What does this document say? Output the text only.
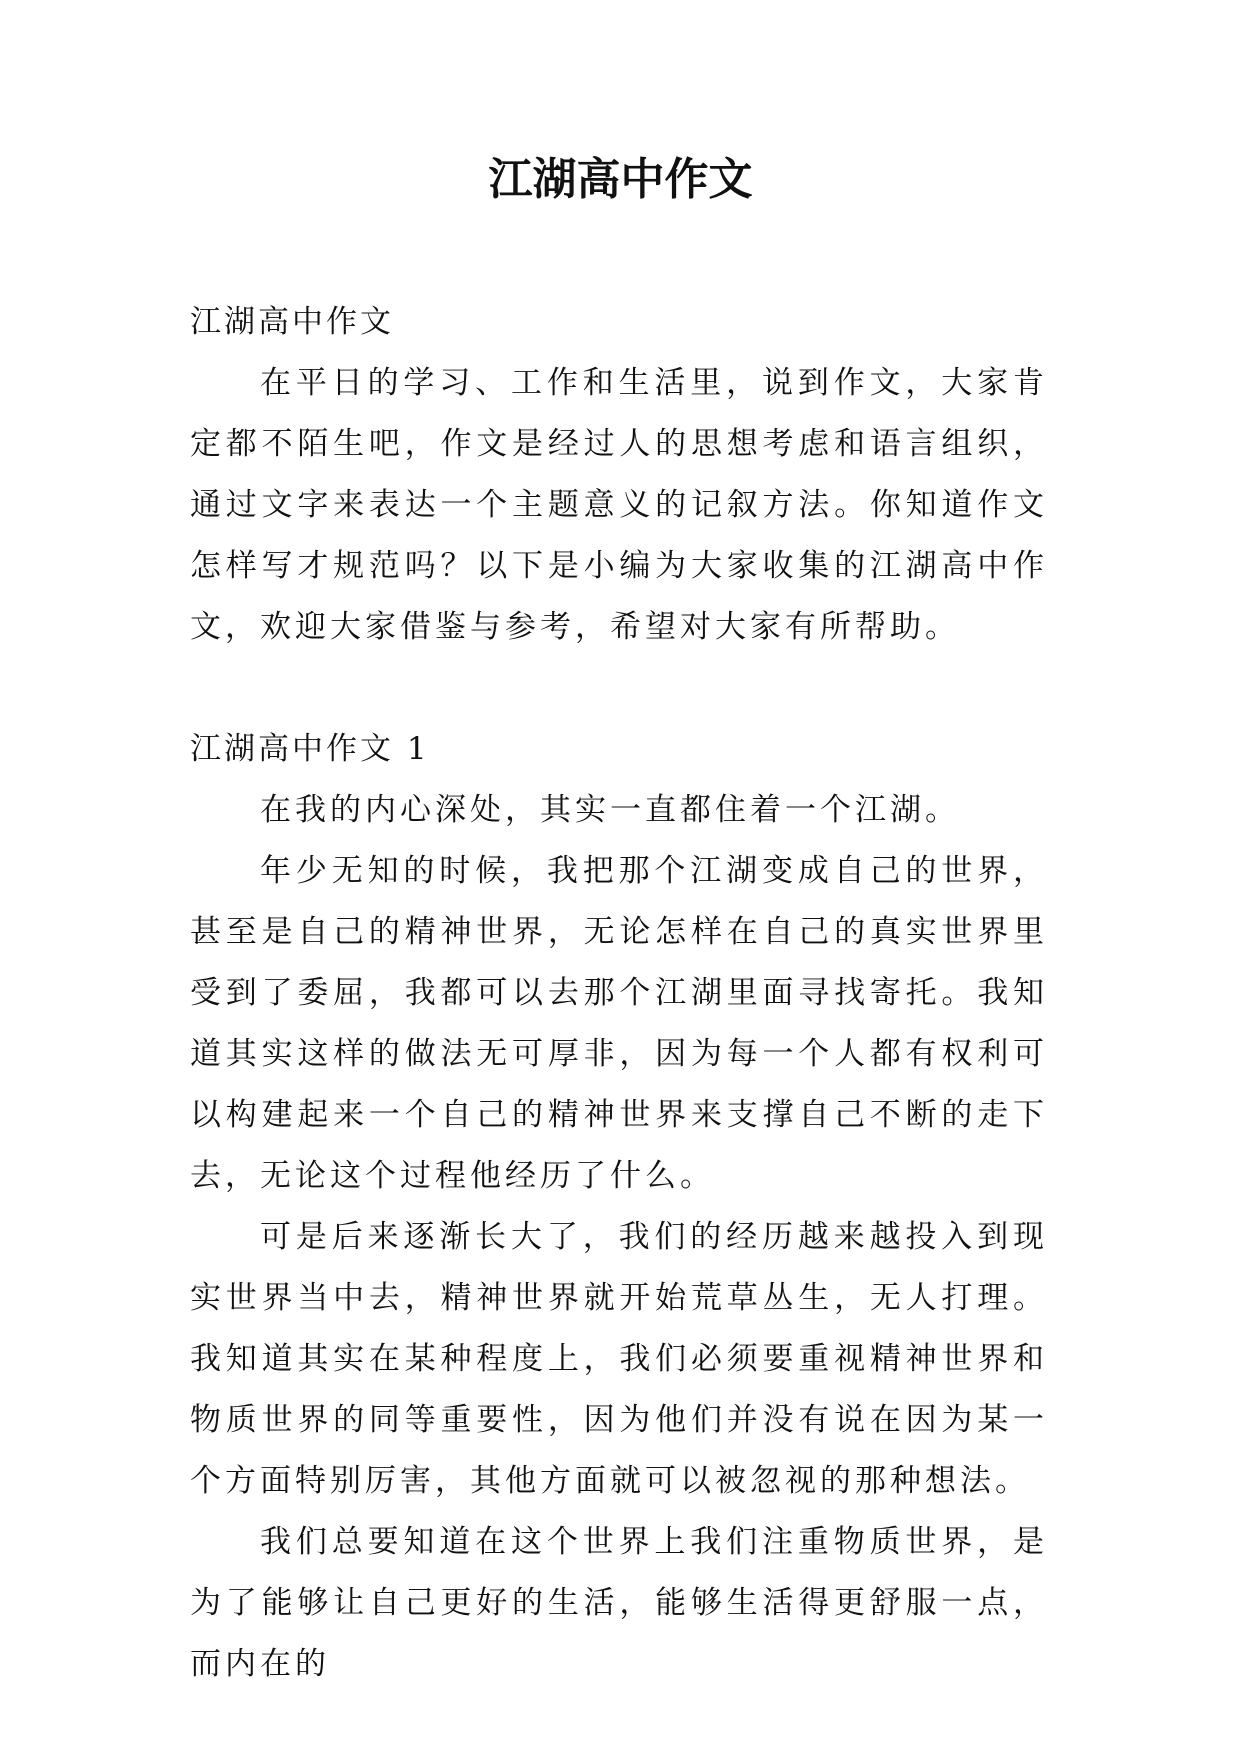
江湖高中作文

江湖高中作文

在平日的学习、工作和生活里，说到作文，大家肯定都不陌生吧，作文是经过人的思想考虑和语言组织，通过文字来表达一个主题意义的记叙方法。你知道作文怎样写才规范吗？以下是小编为大家收集的江湖高中作文，欢迎大家借鉴与参考，希望对大家有所帮助。

江湖高中作文 1

在我的内心深处，其实一直都住着一个江湖。

年少无知的时候，我把那个江湖变成自己的世界，甚至是自己的精神世界，无论怎样在自己的真实世界里受到了委屈，我都可以去那个江湖里面寻找寄托。我知道其实这样的做法无可厚非，因为每一个人都有权利可以构建起来一个自己的精神世界来支撑自己不断的走下去，无论这个过程他经历了什么。

可是后来逐渐长大了，我们的经历越来越投入到现实世界当中去，精神世界就开始荒草丛生，无人打理。我知道其实在某种程度上，我们必须要重视精神世界和物质世界的同等重要性，因为他们并没有说在因为某一个方面特别厉害，其他方面就可以被忽视的那种想法。

我们总要知道在这个世界上我们注重物质世界，是为了能够让自己更好的生活，能够生活得更舒服一点，而内在的
